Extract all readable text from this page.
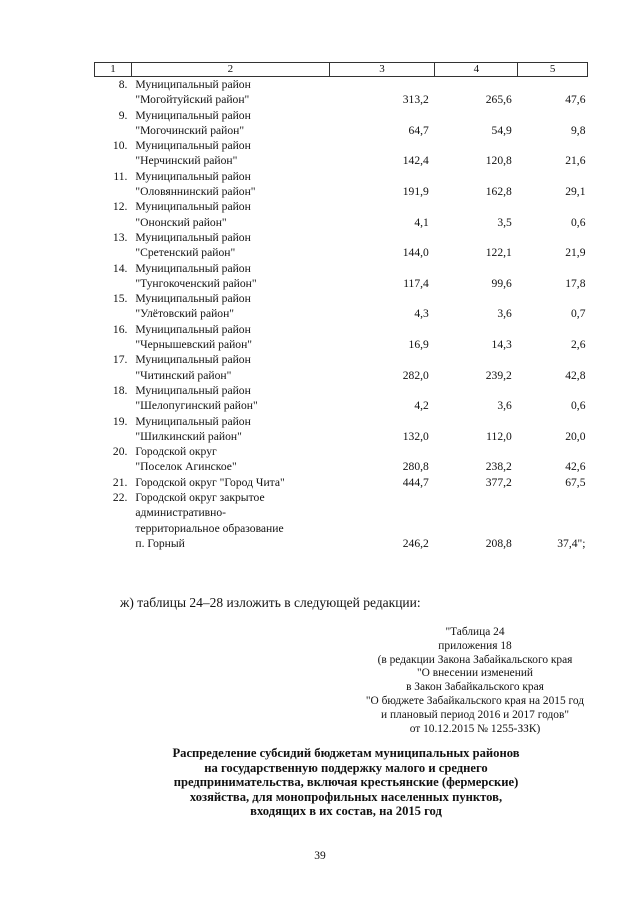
1	2	3	4	5
8.	Муниципальный район
"Могойтуйский район"	313,2	265,6	47,6
9.	Муниципальный район
"Могочинский район"	64,7	54,9	9,8
10.	Муниципальный район
"Нерчинский район"	142,4	120,8	21,6
11.	Муниципальный район
"Оловяннинский район"	191,9	162,8	29,1
12.	Муниципальный район
"Ононский район"	4,1	3,5	0,6
13.	Муниципальный район
"Сретенский район"	144,0	122,1	21,9
14.	Муниципальный район
"Тунгокоченский район"	117,4	99,6	17,8
15.	Муниципальный район
"Улётовский район"	4,3	3,6	0,7
16.	Муниципальный район
"Чернышевский район"	16,9	14,3	2,6
17.	Муниципальный район
"Читинский район"	282,0	239,2	42,8
18.	Муниципальный район
"Шелопугинский район"	4,2	3,6	0,6
19.	Муниципальный район
"Шилкинский район"	132,0	112,0	20,0
20.	Городской округ
"Поселок Агинское"	280,8	238,2	42,6
21.	Городской округ "Город Чита"	444,7	377,2	67,5
22.	Городской округ закрытое
административно-
территориальное образование
п. Горный	246,2	208,8	37,4";
ж) таблицы 24–28 изложить в следующей редакции:
"Таблица 24
приложения 18
(в редакции Закона Забайкальского края
"О внесении изменений
в Закон Забайкальского края
"О бюджете Забайкальского края на 2015 год
и плановый период 2016 и 2017 годов"
от 10.12.2015 № 1255-ЗЗК)
Распределение субсидий бюджетам муниципальных районов
на государственную поддержку малого и среднего
предпринимательства, включая крестьянские (фермерские)
хозяйства, для монопрофильных населенных пунктов,
входящих в их состав, на 2015 год
39
